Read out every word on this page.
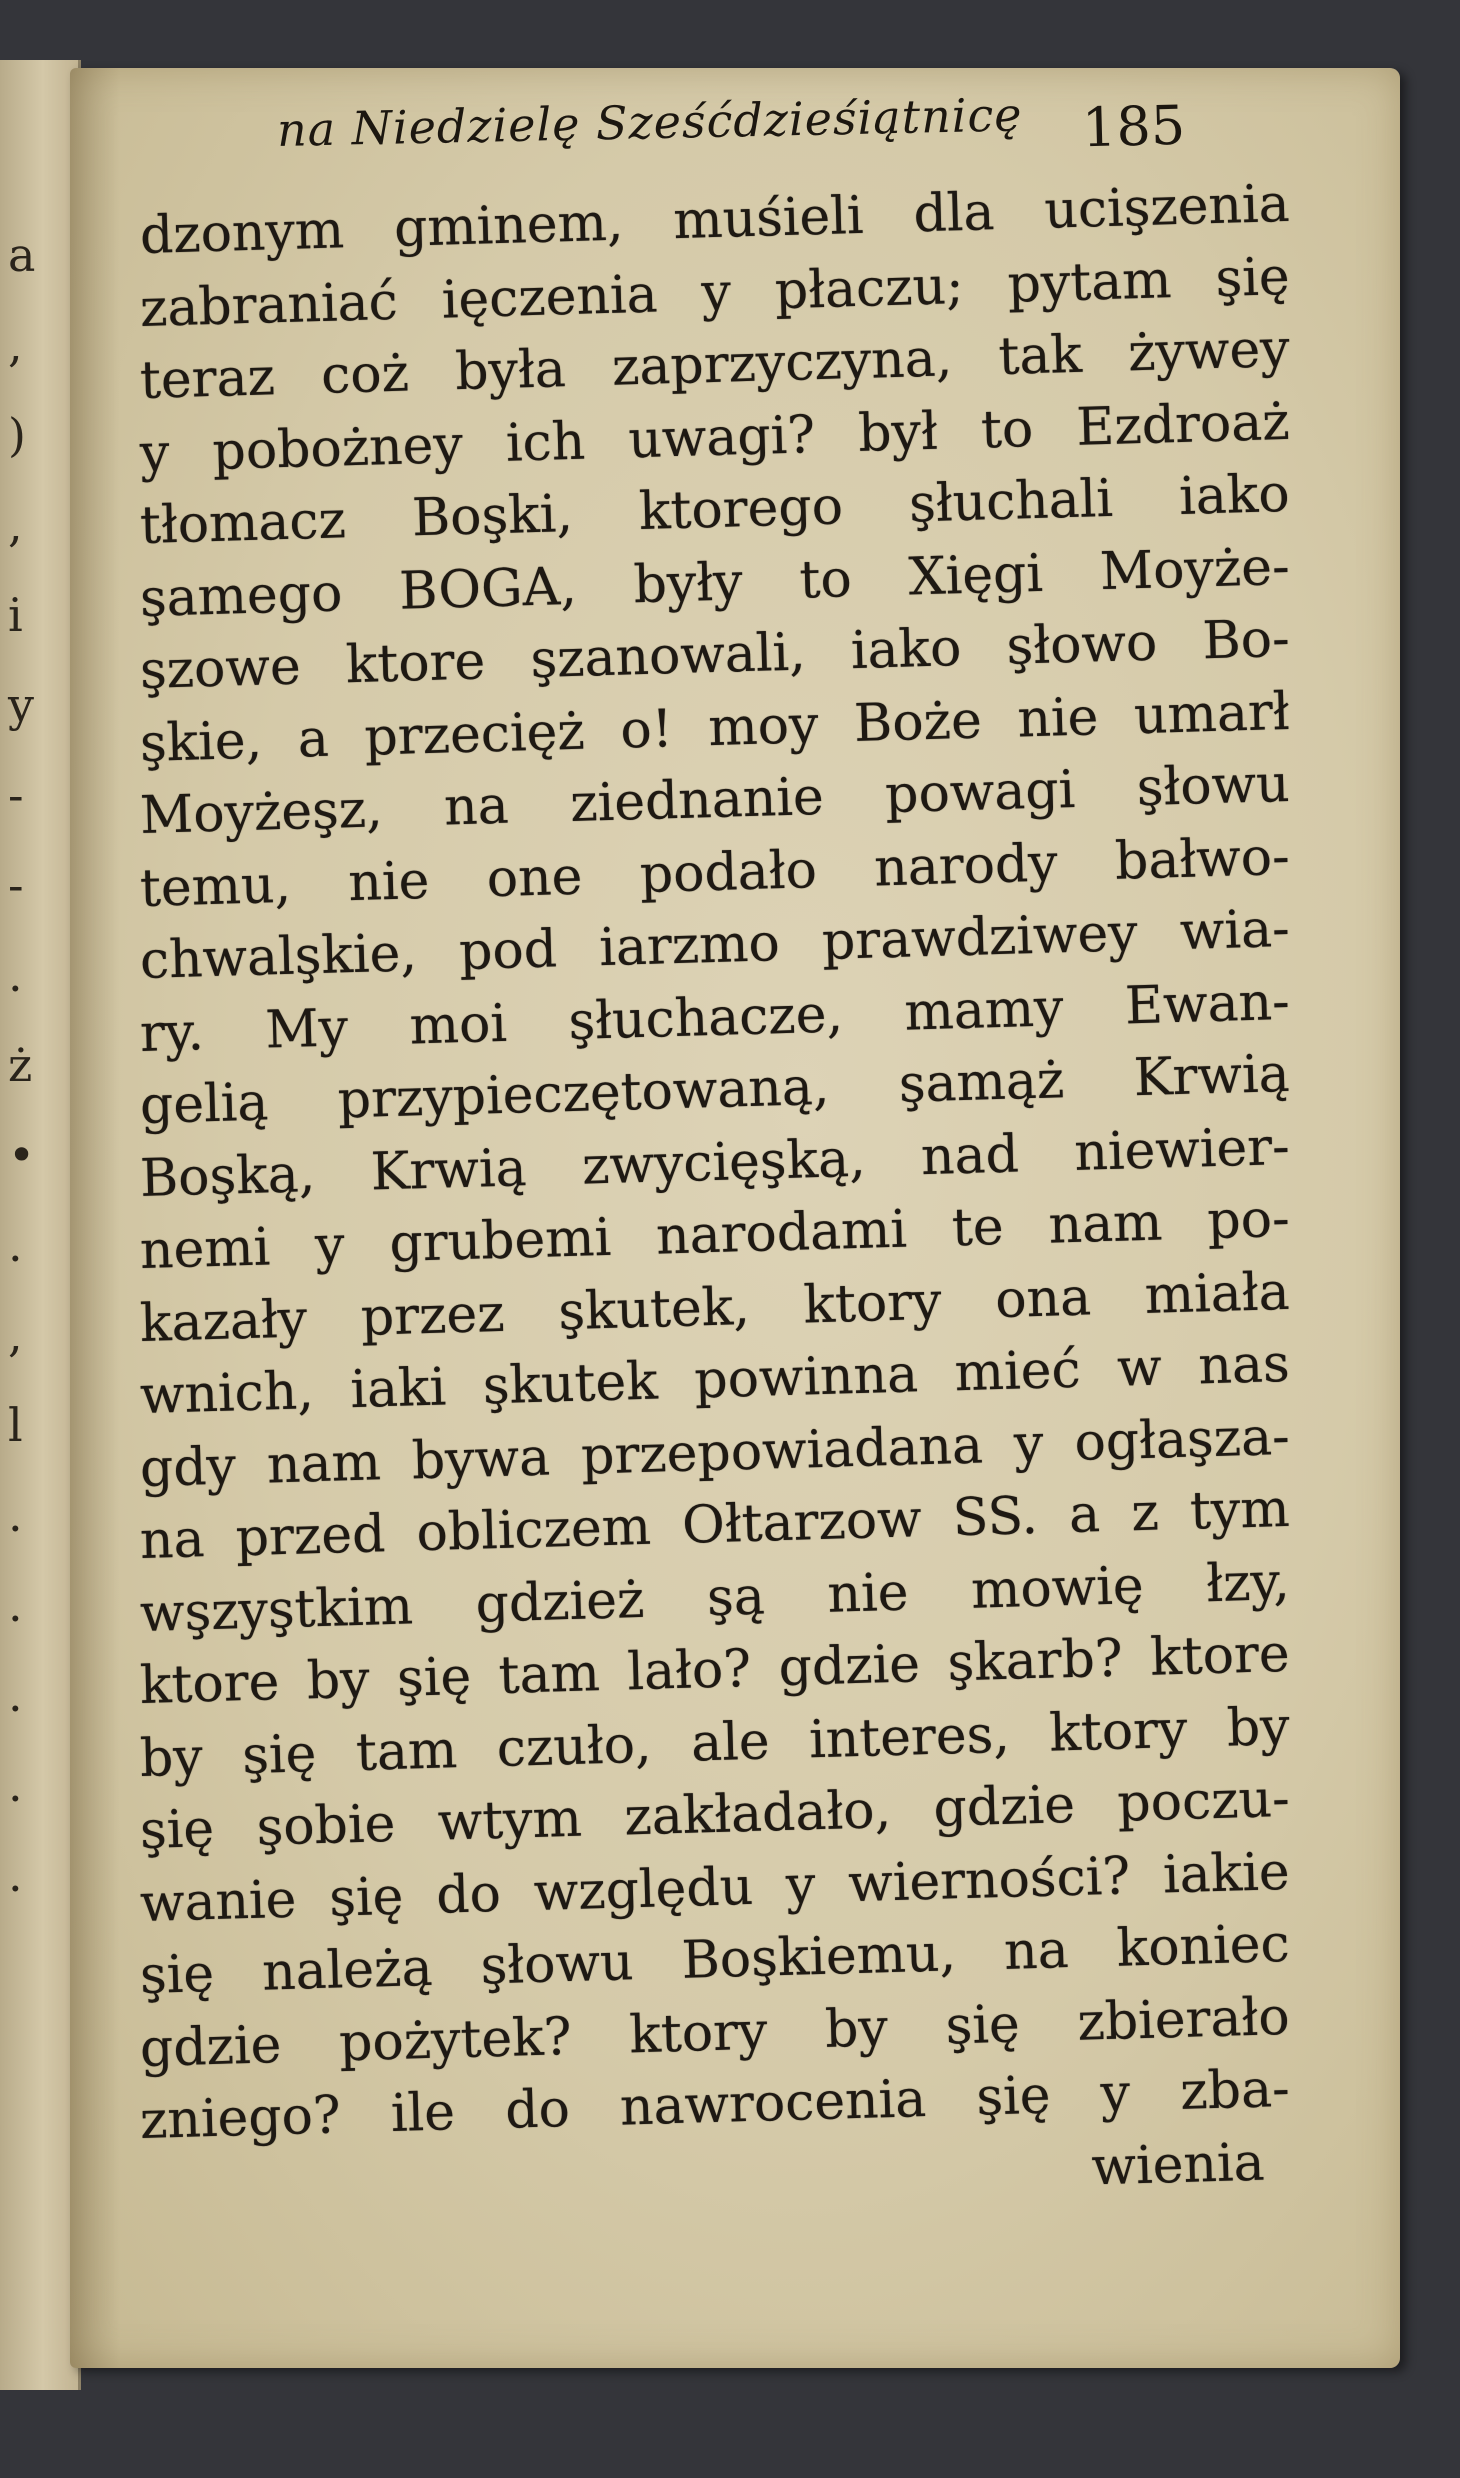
a
,
)
,
i
y
-
-
.
ż
•
.
,
l
.
.
.
.
.
na Niedzielę Sześćdzieśiątnicę 185
dzonym gminem, muśieli dla ucişzenia
zabraniać ięczenia y płaczu; pytam şię
teraz coż była zaprzyczyna, tak żywey
y pobożney ich uwagi? był to Ezdroaż
tłomacz Boşki, ktorego şłuchali iako
şamego BOGA, były to Xięgi Moyże-
şzowe ktore şzanowali, iako şłowo Bo-
şkie, a przecięż o! moy Boże nie umarł
Moyżeşz, na ziednanie powagi şłowu
temu, nie one podało narody bałwo-
chwalşkie, pod iarzmo prawdziwey wia-
ry. My moi şłuchacze, mamy Ewan-
gelią przypieczętowaną, şamąż Krwią
Boşką, Krwią zwycięşką, nad niewier-
nemi y grubemi narodami te nam po-
kazały przez şkutek, ktory ona miała
wnich, iaki şkutek powinna mieć w nas
gdy nam bywa przepowiadana y ogłaşza-
na przed obliczem Ołtarzow SS. a z tym
wşzyştkim gdzież şą nie mowię łzy,
ktore by şię tam lało? gdzie şkarb? ktore
by şię tam czuło, ale interes, ktory by
şię şobie wtym zakładało, gdzie poczu-
wanie şię do względu y wierności? iakie
şię należą şłowu Boşkiemu, na koniec
gdzie pożytek? ktory by şię zbierało
zniego? ile do nawrocenia şię y zba-
wienia
